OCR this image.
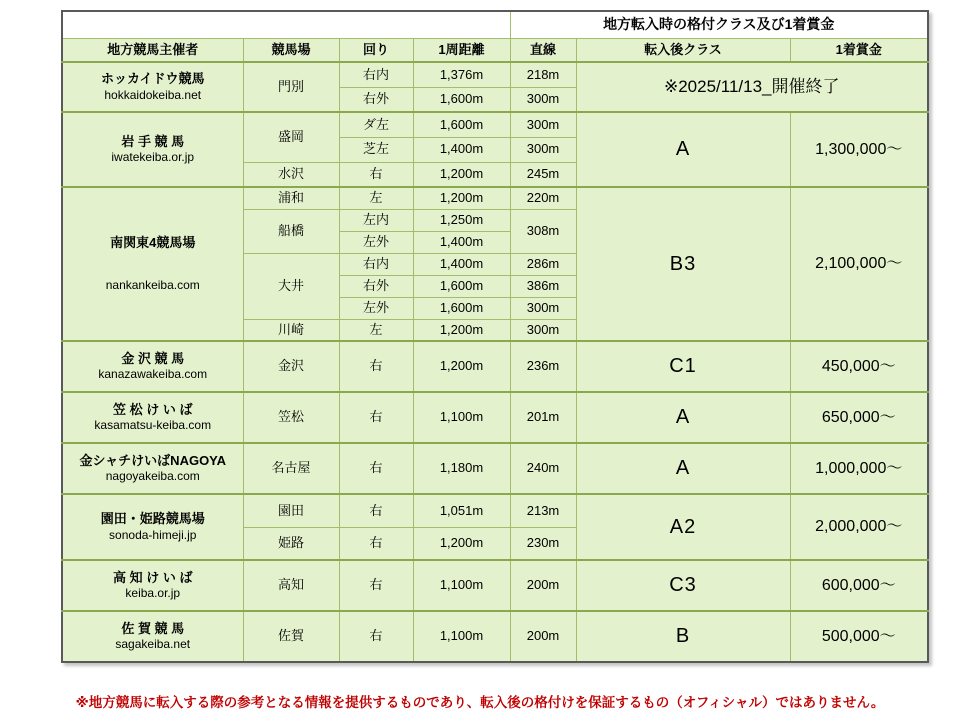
				地方転入時の格付クラス及び1着賞金		
地方競馬主催者	競馬場	回り	1周距離	直線	転入後クラス	1着賞金

ホッカイドウ競馬
hokkaidokeiba.net	門別	右内	1,376m	218m	※2025/11/13_開催終了	
		右外	1,600m	300m		

岩 手 競 馬
iwatekeiba.or.jp	盛岡	ダ左	1,600m	300m	A	1,300,000～
		芝左	1,400m	300m		
	水沢	右	1,200m	245m		

南関東4競馬場
nankankeiba.com	浦和	左	1,200m	220m	B3	2,100,000～
	船橋	左内	1,250m	308m		
		左外	1,400m			
	大井	右内	1,400m	286m		
		右外	1,600m	386m		
		左外	1,600m	300m		
	川崎	左	1,200m	300m		

金 沢 競 馬
kanazawakeiba.com	金沢	右	1,200m	236m	C1	450,000～

笠 松 け い ば
kasamatsu-keiba.com	笠松	右	1,100m	201m	A	650,000～

金シャチけいばNAGOYA
nagoyakeiba.com	名古屋	右	1,180m	240m	A	1,000,000～

園田・姫路競馬場
sonoda-himeji.jp	園田	右	1,051m	213m	A2	2,000,000～
	姫路	右	1,200m	230m		

高 知 け い ば
keiba.or.jp	高知	右	1,100m	200m	C3	600,000～

佐 賀 競 馬
sagakeiba.net	佐賀	右	1,100m	200m	B	500,000～
※地方競馬に転入する際の参考となる情報を提供するものであり、転入後の格付けを保証するもの（オフィシャル）ではありません。
